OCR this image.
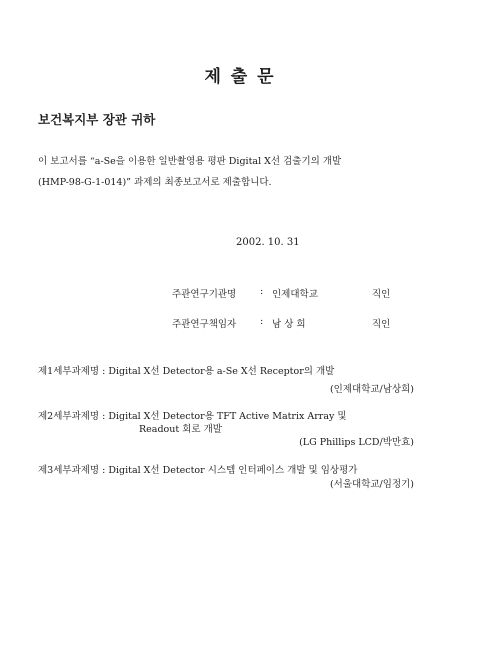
제 출 문
보건복지부 장관 귀하
이 보고서를 “a-Se을 이용한 일반촬영용 평판 Digital X선 검출기의 개발
(HMP-98-G-1-014)” 과제의 최종보고서로 제출합니다.
2002. 10. 31
주관연구기관명	: 인제대학교	직인
주관연구책임자	: 남 상 희	직인
제1세부과제명 : Digital X선 Detector용 a-Se X선 Receptor의 개발
(인제대학교/남상희)
제2세부과제명 : Digital X선 Detector용 TFT Active Matrix Array 및
Readout 회로 개발
(LG Phillips LCD/박만효)
제3세부과제명 : Digital X선 Detector 시스템 인터페이스 개발 및 임상평가
(서울대학교/임정기)
